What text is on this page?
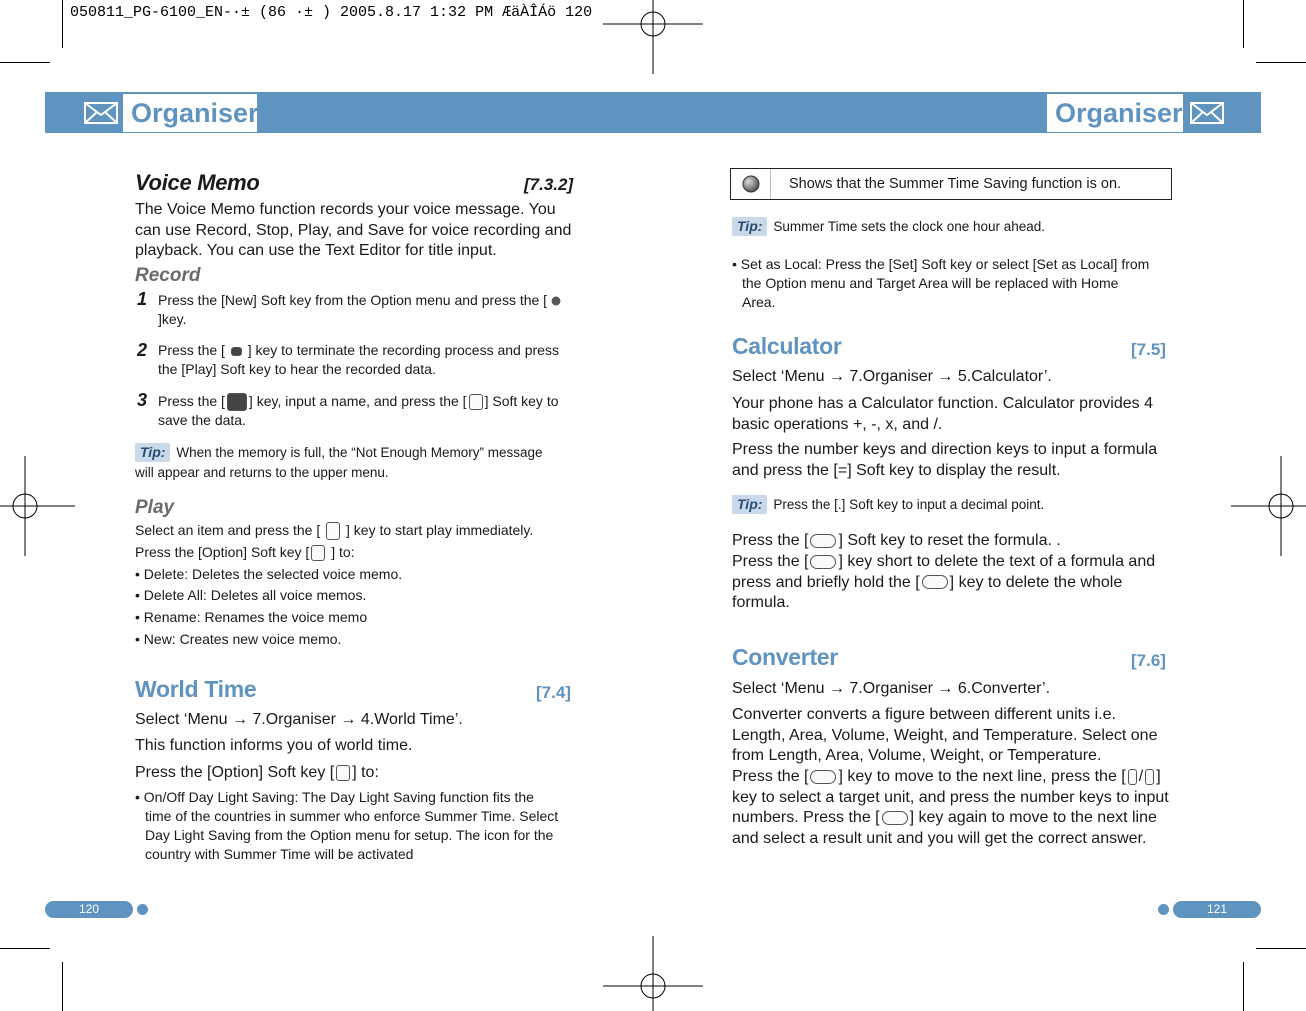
050811_PG-6100_EN-·± (86 ·± ) 2005.8.17 1:32 PM ÆäÀÎÁö 120
Organiser	Organiser
Voice Memo	[7.3.2]
The Voice Memo function records your voice message. You can use Record, Stop, Play, and Save for voice recording and playback. You can use the Text Editor for title input.
Record
1 Press the [New] Soft key from the Option menu and press the [ ]key.
2 Press the [  ] key to terminate the recording process and press the [Play] Soft key to hear the recorded data.
3 Press the [ ] key, input a name, and press the [ ] Soft key to save the data.
Tip: When the memory is full, the “Not Enough Memory” message will appear and returns to the upper menu.
Play
Select an item and press the [  ] key to start play immediately.
Press the [Option] Soft key [ ] to:
• Delete: Deletes the selected voice memo.
• Delete All: Deletes all voice memos.
• Rename: Renames the voice memo
• New: Creates new voice memo.
World Time	[7.4]
Select ‘Menu → 7.Organiser → 4.World Time’.
This function informs you of world time.
Press the [Option] Soft key [ ] to:
• On/Off Day Light Saving: The Day Light Saving function fits the time of the countries in summer who enforce Summer Time. Select Day Light Saving from the Option menu for setup. The icon for the country with Summer Time will be activated
Shows that the Summer Time Saving function is on.
Tip: Summer Time sets the clock one hour ahead.
• Set as Local: Press the [Set] Soft key or select [Set as Local] from the Option menu and Target Area will be replaced with Home Area.
Calculator	[7.5]
Select ‘Menu → 7.Organiser → 5.Calculator’.
Your phone has a Calculator function. Calculator provides 4 basic operations +, -, x, and /.
Press the number keys and direction keys to input a formula and press the [=] Soft key to display the result.
Tip: Press the [.] Soft key to input a decimal point.
Press the [ ] Soft key to reset the formula. .
Press the [ ] key short to delete the text of a formula and press and briefly hold the [ ] key to delete the whole formula.
Converter	[7.6]
Select ‘Menu → 7.Organiser → 6.Converter’.
Converter converts a figure between different units i.e. Length, Area, Volume, Weight, and Temperature. Select one from Length, Area, Volume, Weight, or Temperature.
Press the [ ] key to move to the next line, press the [ / ] key to select a target unit, and press the number keys to input numbers. Press the [ ] key again to move to the next line and select a result unit and you will get the correct answer.
120	121
